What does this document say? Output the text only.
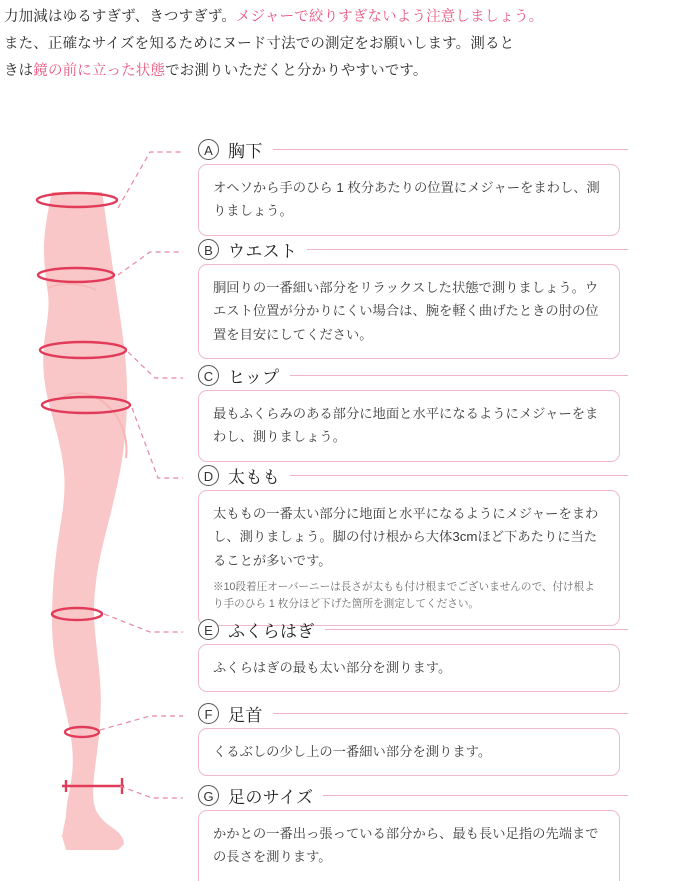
力加減はゆるすぎず、きつすぎず。メジャーで絞りすぎないよう注意しましょう。
また、正確なサイズを知るためにヌード寸法での測定をお願いします。測ると
きは鏡の前に立った状態でお測りいただくと分かりやすいです。
A 胸下
オヘソから手のひら 1 枚分あたりの位置にメジャーをまわし、測りましょう。
B ウエスト
胴回りの一番細い部分をリラックスした状態で測りましょう。ウエスト位置が分かりにくい場合は、腕を軽く曲げたときの肘の位置を目安にしてください。
C ヒップ
最もふくらみのある部分に地面と水平になるようにメジャーをまわし、測りましょう。
D 太もも
太ももの一番太い部分に地面と水平になるようにメジャーをまわし、測りましょう。脚の付け根から大体3cmほど下あたりに当たることが多いです。
※10段着圧オーバーニーは長さが太もも付け根までございませんので、付け根より手のひら 1 枚分ほど下げた箇所を測定してください。
E ふくらはぎ
ふくらはぎの最も太い部分を測ります。
F 足首
くるぶしの少し上の一番細い部分を測ります。
G 足のサイズ
かかとの一番出っ張っている部分から、最も長い足指の先端までの長さを測ります。
